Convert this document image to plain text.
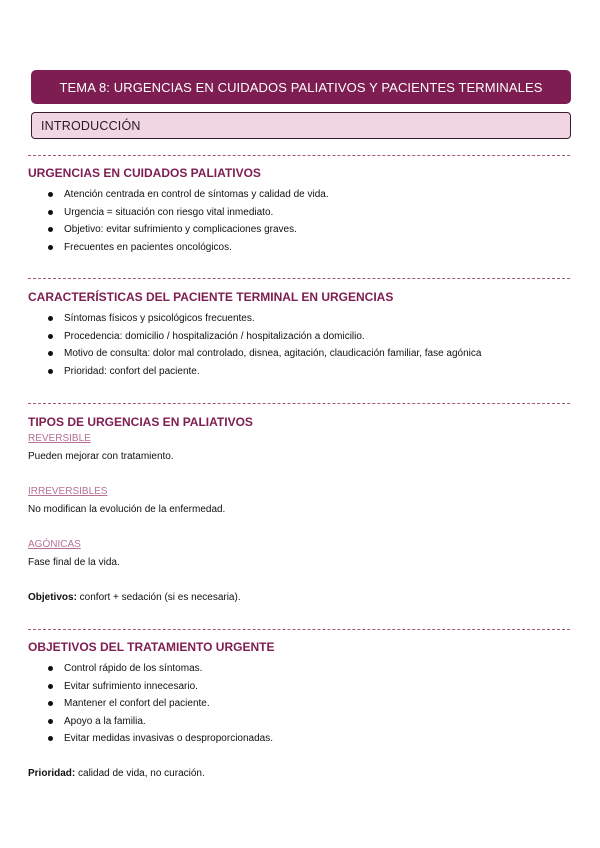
TEMA 8: URGENCIAS EN CUIDADOS PALIATIVOS Y PACIENTES TERMINALES
INTRODUCCIÓN
URGENCIAS EN CUIDADOS PALIATIVOS
Atención centrada en control de síntomas y calidad de vida.
Urgencia = situación con riesgo vital inmediato.
Objetivo: evitar sufrimiento y complicaciones graves.
Frecuentes en pacientes oncológicos.
CARACTERÍSTICAS DEL PACIENTE TERMINAL EN URGENCIAS
Síntomas físicos y psicológicos frecuentes.
Procedencia: domicilio / hospitalización / hospitalización a domicilio.
Motivo de consulta: dolor mal controlado, disnea, agitación, claudicación familiar, fase agónica
Prioridad: confort del paciente.
TIPOS DE URGENCIAS EN PALIATIVOS
REVERSIBLE
Pueden mejorar con tratamiento.
IRREVERSIBLES
No modifican la evolución de la enfermedad.
AGÓNICAS
Fase final de la vida.
Objetivos: confort + sedación (si es necesaria).
OBJETIVOS DEL TRATAMIENTO URGENTE
Control rápido de los síntomas.
Evitar sufrimiento innecesario.
Mantener el confort del paciente.
Apoyo a la familia.
Evitar medidas invasivas o desproporcionadas.
Prioridad: calidad de vida, no curación.
